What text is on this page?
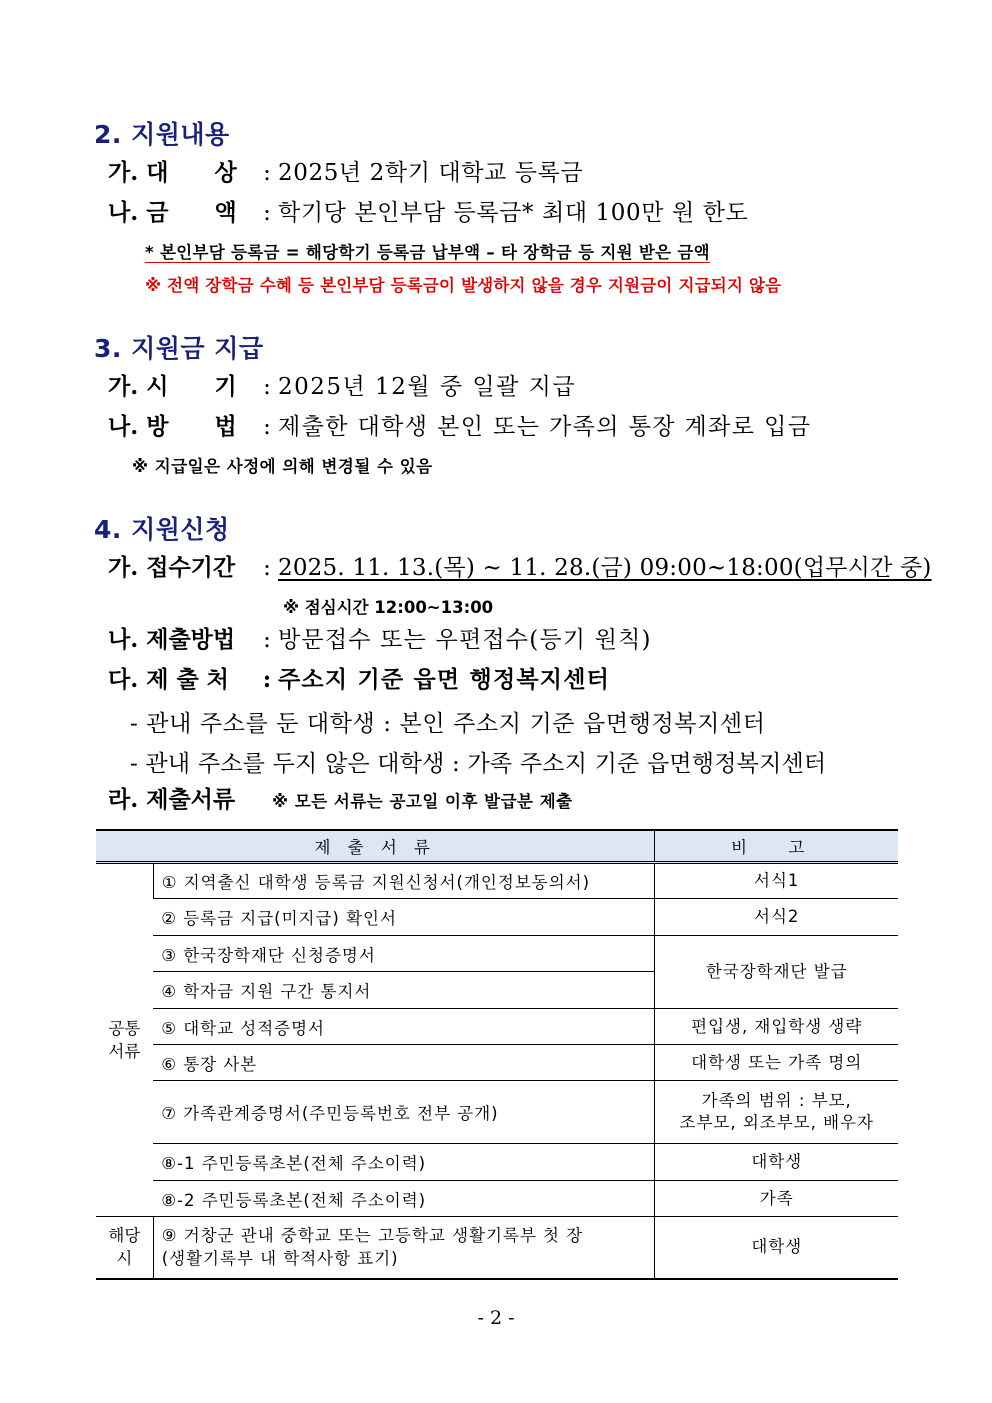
2. 지원내용
가. 대　　상	: 2025년 2학기 대학교 등록금
나. 금　　액	: 학기당 본인부담 등록금* 최대 100만 원 한도
* 본인부담 등록금 = 해당학기 등록금 납부액 – 타 장학금 등 지원 받은 금액
※ 전액 장학금 수혜 등 본인부담 등록금이 발생하지 않을 경우 지원금이 지급되지 않음
3. 지원금 지급
가. 시　　기	: 2025년 12월 중 일괄 지급
나. 방　　법	: 제출한 대학생 본인 또는 가족의 통장 계좌로 입금
※ 지급일은 사정에 의해 변경될 수 있음
4. 지원신청
가. 접수기간	: 2025. 11. 13.(목) ~ 11. 28.(금) 09:00~18:00(업무시간 중)
※ 점심시간 12:00~13:00
나. 제출방법	: 방문접수 또는 우편접수(등기 원칙)
다. 제 출 처	: 주소지 기준 읍면 행정복지센터
- 관내 주소를 둔 대학생 : 본인 주소지 기준 읍면행정복지센터
- 관내 주소를 두지 않은 대학생 : 가족 주소지 기준 읍면행정복지센터
라. 제출서류	※ 모든 서류는 공고일 이후 발급분 제출
제 출 서 류		비 고
공통
서류	① 지역출신 대학생 등록금 지원신청서(개인정보동의서)	서식1
	② 등록금 지급(미지급) 확인서	서식2
	③ 한국장학재단 신청증명서	한국장학재단 발급
	④ 학자금 지원 구간 통지서	
	⑤ 대학교 성적증명서	편입생, 재입학생 생략
	⑥ 통장 사본	대학생 또는 가족 명의
	⑦ 가족관계증명서(주민등록번호 전부 공개)	가족의 범위 : 부모,
조부모, 외조부모, 배우자
	⑧-1 주민등록초본(전체 주소이력)	대학생
	⑧-2 주민등록초본(전체 주소이력)	가족
해당
시	⑨ 거창군 관내 중학교 또는 고등학교 생활기록부 첫 장
(생활기록부 내 학적사항 표기)	대학생
- 2 -
